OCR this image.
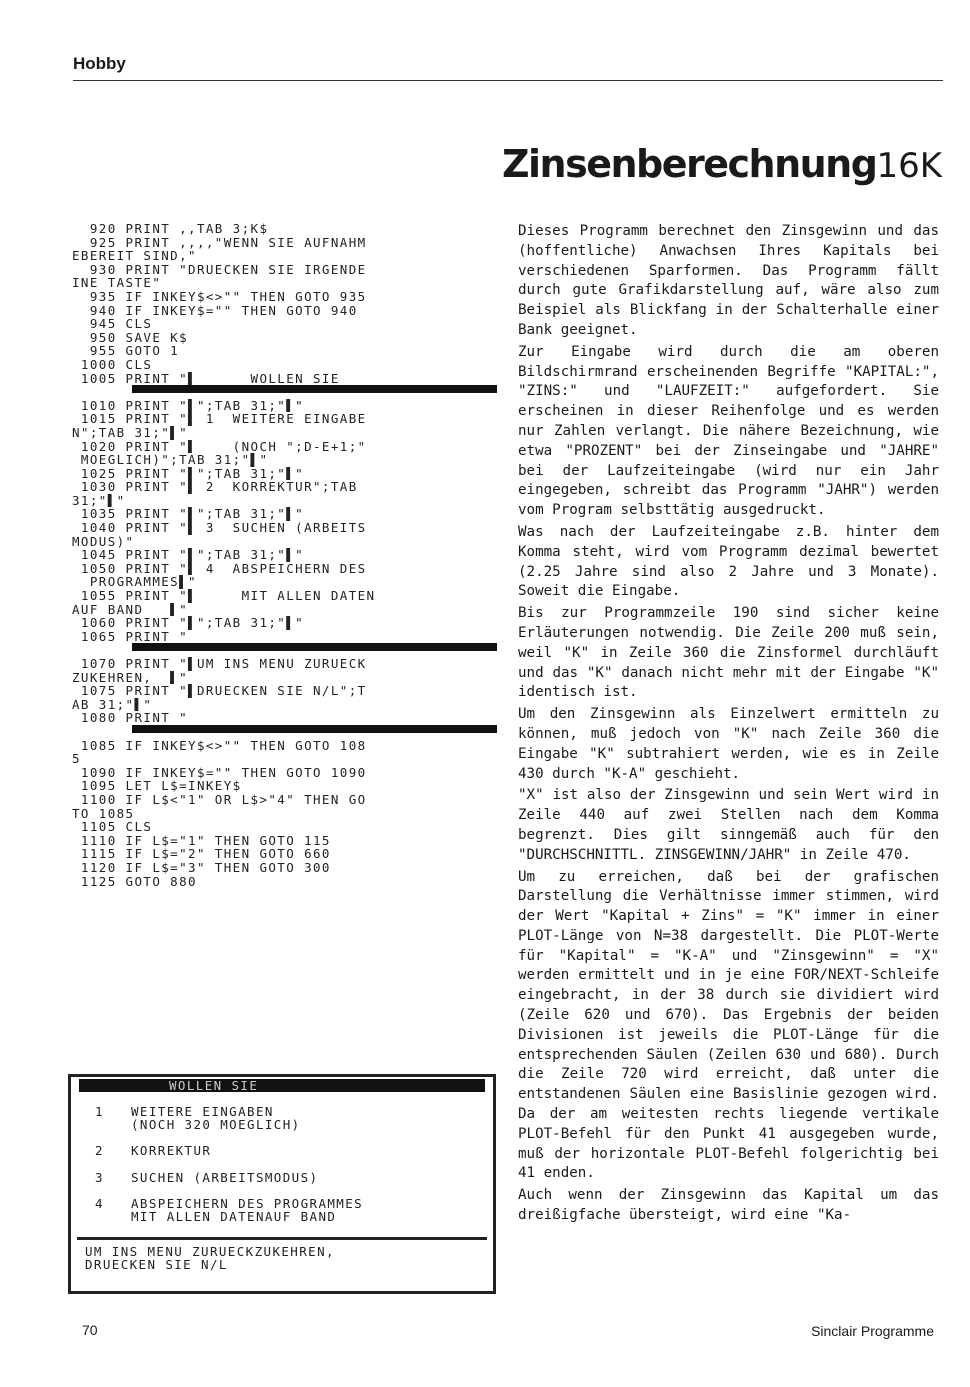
Hobby
Zinsenberechnung16K
920 PRINT ,,TAB 3;K$
925 PRINT ,,,,"WENN SIE AUFNAHM
EBEREIT SIND,"
930 PRINT "DRUECKEN SIE IRGENDE
INE TASTE"
935 IF INKEY$<>"" THEN GOTO 935
940 IF INKEY$="" THEN GOTO 940
945 CLS
950 SAVE K$
955 GOTO 1
1000 CLS
1005 PRINT "▌      WOLLEN SIE
1010 PRINT "▌";TAB 31;"▌"
1015 PRINT "▌ 1  WEITERE EINGABE
N";TAB 31;"▌"
1020 PRINT "▌    (NOCH ";D-E+1;"
MOEGLICH)";TAB 31;"▌"
1025 PRINT "▌";TAB 31;"▌"
1030 PRINT "▌ 2  KORREKTUR";TAB
31;"▌"
1035 PRINT "▌";TAB 31;"▌"
1040 PRINT "▌ 3  SUCHEN (ARBEITS
MODUS)"
1045 PRINT "▌";TAB 31;"▌"
1050 PRINT "▌ 4  ABSPEICHERN DES
PROGRAMMES▌"
1055 PRINT "▌     MIT ALLEN DATEN
AUF BAND   ▌"
1060 PRINT "▌";TAB 31;"▌"
1065 PRINT "
1070 PRINT "▌UM INS MENU ZURUECK
ZUKEHREN,  ▌"
1075 PRINT "▌DRUECKEN SIE N/L";T
AB 31;"▌"
1080 PRINT "
1085 IF INKEY$<>"" THEN GOTO 108
5
1090 IF INKEY$="" THEN GOTO 1090
1095 LET L$=INKEY$
1100 IF L$<"1" OR L$>"4" THEN GO
TO 1085
1105 CLS
1110 IF L$="1" THEN GOTO 115
1115 IF L$="2" THEN GOTO 660
1120 IF L$="3" THEN GOTO 300
1125 GOTO 880
WOLLEN SIE
1	WEITERE EINGABEN
(NOCH 320 MOEGLICH)
2	KORREKTUR
3	SUCHEN (ARBEITSMODUS)
4	ABSPEICHERN DES PROGRAMMES
MIT ALLEN DATENAUF BAND
UM INS MENU ZURUECKZUKEHREN,
DRUECKEN SIE N/L

Dieses Programm berechnet den Zinsgewinn und das (hoffentliche) Anwachsen Ihres Kapitals bei verschiedenen Sparformen. Das Programm fällt durch gute Grafikdarstellung auf, wäre also zum Beispiel als Blickfang in der Schalterhalle einer Bank geeignet.

Zur Eingabe wird durch die am oberen Bildschirmrand erscheinenden Begriffe "KAPITAL:", "ZINS:" und "LAUFZEIT:" aufgefordert. Sie erscheinen in dieser Reihenfolge und es werden nur Zahlen verlangt. Die nähere Bezeichnung, wie etwa "PROZENT" bei der Zinseingabe und "JAHRE" bei der Laufzeiteingabe (wird nur ein Jahr eingegeben, schreibt das Programm "JAHR") werden vom Program selbsttätig ausgedruckt.

Was nach der Laufzeiteingabe z.B. hinter dem Komma steht, wird vom Programm dezimal bewertet (2.25 Jahre sind also 2 Jahre und 3 Monate). Soweit die Eingabe.

Bis zur Programmzeile 190 sind sicher keine Erläuterungen notwendig. Die Zeile 200 muß sein, weil "K" in Zeile 360 die Zinsformel durchläuft und das "K" danach nicht mehr mit der Eingabe "K" identisch ist.

Um den Zinsgewinn als Einzelwert ermitteln zu können, muß jedoch von "K" nach Zeile 360 die Eingabe "K" subtrahiert werden, wie es in Zeile 430 durch "K-A" geschieht.

"X" ist also der Zinsgewinn und sein Wert wird in Zeile 440 auf zwei Stellen nach dem Komma begrenzt. Dies gilt sinngemäß auch für den "DURCHSCHNITTL. ZINSGEWINN/JAHR" in Zeile 470.

Um zu erreichen, daß bei der grafischen Darstellung die Verhältnisse immer stimmen, wird der Wert "Kapital + Zins" = "K" immer in einer PLOT-Länge von N=38 dargestellt. Die PLOT-Werte für "Kapital" = "K-A" und "Zinsgewinn" = "X" werden ermittelt und in je eine FOR/NEXT-Schleife eingebracht, in der 38 durch sie dividiert wird (Zeile 620 und 670). Das Ergebnis der beiden Divisionen ist jeweils die PLOT-Länge für die entsprechenden Säulen (Zeilen 630 und 680). Durch die Zeile 720 wird erreicht, daß unter die entstandenen Säulen eine Basislinie gezogen wird. Da der am weitesten rechts liegende vertikale PLOT-Befehl für den Punkt 41 ausgegeben wurde, muß der horizontale PLOT-Befehl folgerichtig bei 41 enden.

Auch wenn der Zinsgewinn das Kapital um das dreißigfache übersteigt, wird eine "Ka-

70	Sinclair Programme
